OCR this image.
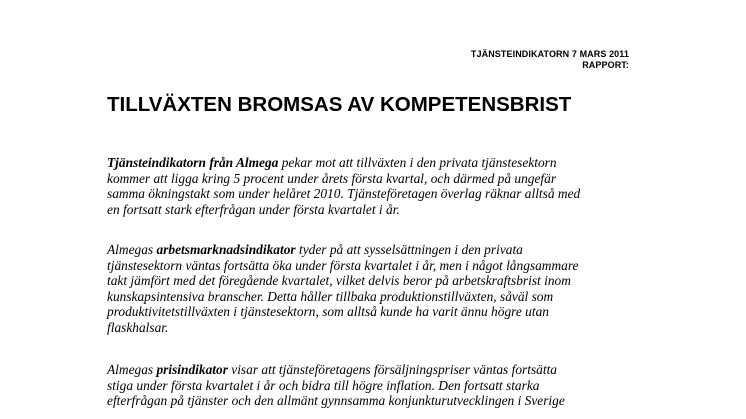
TJÄNSTEINDIKATORN 7 MARS 2011
RAPPORT:
TILLVÄXTEN BROMSAS AV KOMPETENSBRIST

Tjänsteindikatorn från Almega pekar mot att tillväxten i den privata tjänstesektorn
kommer att ligga kring 5 procent under årets första kvartal, och därmed på ungefär
samma ökningstakt som under helåret 2010. Tjänsteföretagen överlag räknar alltså med
en fortsatt stark efterfrågan under första kvartalet i år.

Almegas arbetsmarknadsindikator tyder på att sysselsättningen i den privata
tjänstesektorn väntas fortsätta öka under första kvartalet i år, men i något långsammare
takt jämfört med det föregående kvartalet, vilket delvis beror på arbetskraftsbrist inom
kunskapsintensiva branscher. Detta håller tillbaka produktionstillväxten, såväl som
produktivitetstillväxten i tjänstesektorn, som alltså kunde ha varit ännu högre utan
flaskhalsar.

Almegas prisindikator visar att tjänsteföretagens försäljningspriser väntas fortsätta
stiga under första kvartalet i år och bidra till högre inflation. Den fortsatt starka
efterfrågan på tjänster och den allmänt gynnsamma konjunkturutvecklingen i Sverige
